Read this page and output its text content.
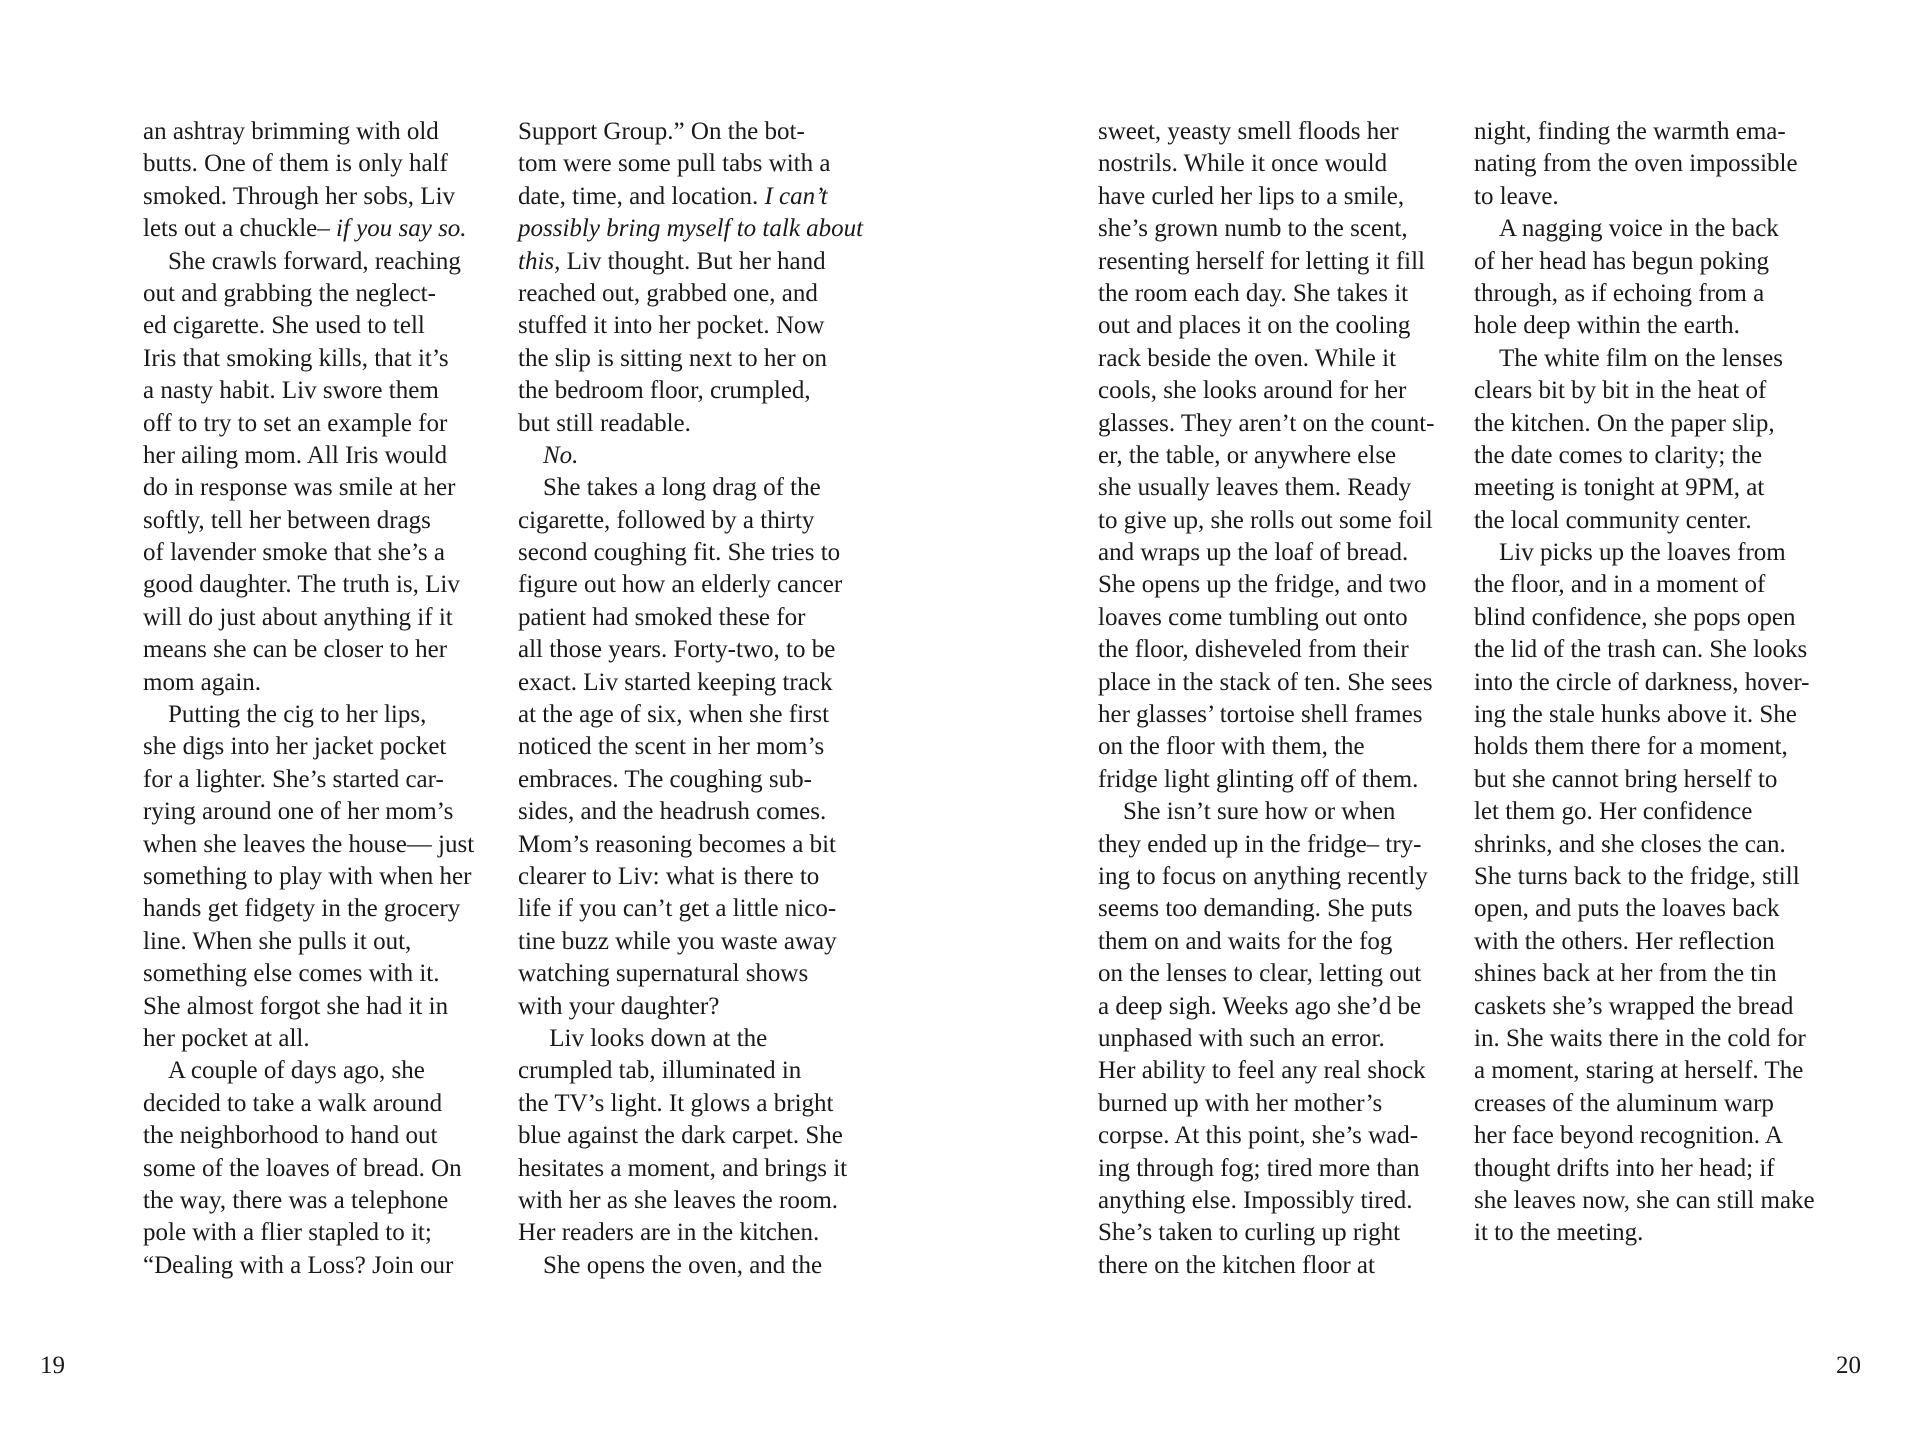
an ashtray brimming with old
butts. One of them is only half
smoked. Through her sobs, Liv
lets out a chuckle– if you say so.
She crawls forward, reaching
out and grabbing the neglect-
ed cigarette. She used to tell
Iris that smoking kills, that it’s
a nasty habit. Liv swore them
off to try to set an example for
her ailing mom. All Iris would
do in response was smile at her
softly, tell her between drags
of lavender smoke that she’s a
good daughter. The truth is, Liv
will do just about anything if it
means she can be closer to her
mom again.
Putting the cig to her lips,
she digs into her jacket pocket
for a lighter. She’s started car-
rying around one of her mom’s
when she leaves the house— just
something to play with when her
hands get fidgety in the grocery
line. When she pulls it out,
something else comes with it.
She almost forgot she had it in
her pocket at all.
A couple of days ago, she
decided to take a walk around
the neighborhood to hand out
some of the loaves of bread. On
the way, there was a telephone
pole with a flier stapled to it;
“Dealing with a Loss? Join our
Support Group.” On the bot-
tom were some pull tabs with a
date, time, and location. I can’t
possibly bring myself to talk about
this, Liv thought. But her hand
reached out, grabbed one, and
stuffed it into her pocket. Now
the slip is sitting next to her on
the bedroom floor, crumpled,
but still readable.
No.
She takes a long drag of the
cigarette, followed by a thirty
second coughing fit. She tries to
figure out how an elderly cancer
patient had smoked these for
all those years. Forty-two, to be
exact. Liv started keeping track
at the age of six, when she first
noticed the scent in her mom’s
embraces. The coughing sub-
sides, and the headrush comes.
Mom’s reasoning becomes a bit
clearer to Liv: what is there to
life if you can’t get a little nico-
tine buzz while you waste away
watching supernatural shows
with your daughter?
Liv looks down at the
crumpled tab, illuminated in
the TV’s light. It glows a bright
blue against the dark carpet. She
hesitates a moment, and brings it
with her as she leaves the room.
Her readers are in the kitchen.
She opens the oven, and the
sweet, yeasty smell floods her
nostrils. While it once would
have curled her lips to a smile,
she’s grown numb to the scent,
resenting herself for letting it fill
the room each day. She takes it
out and places it on the cooling
rack beside the oven. While it
cools, she looks around for her
glasses. They aren’t on the count-
er, the table, or anywhere else
she usually leaves them. Ready
to give up, she rolls out some foil
and wraps up the loaf of bread.
She opens up the fridge, and two
loaves come tumbling out onto
the floor, disheveled from their
place in the stack of ten. She sees
her glasses’ tortoise shell frames
on the floor with them, the
fridge light glinting off of them.
She isn’t sure how or when
they ended up in the fridge– try-
ing to focus on anything recently
seems too demanding. She puts
them on and waits for the fog
on the lenses to clear, letting out
a deep sigh. Weeks ago she’d be
unphased with such an error.
Her ability to feel any real shock
burned up with her mother’s
corpse. At this point, she’s wad-
ing through fog; tired more than
anything else. Impossibly tired.
She’s taken to curling up right
there on the kitchen floor at
night, finding the warmth ema-
nating from the oven impossible
to leave.
A nagging voice in the back
of her head has begun poking
through, as if echoing from a
hole deep within the earth.
The white film on the lenses
clears bit by bit in the heat of
the kitchen. On the paper slip,
the date comes to clarity; the
meeting is tonight at 9PM, at
the local community center.
Liv picks up the loaves from
the floor, and in a moment of
blind confidence, she pops open
the lid of the trash can. She looks
into the circle of darkness, hover-
ing the stale hunks above it. She
holds them there for a moment,
but she cannot bring herself to
let them go. Her confidence
shrinks, and she closes the can.
She turns back to the fridge, still
open, and puts the loaves back
with the others. Her reflection
shines back at her from the tin
caskets she’s wrapped the bread
in. She waits there in the cold for
a moment, staring at herself. The
creases of the aluminum warp
her face beyond recognition. A
thought drifts into her head; if
she leaves now, she can still make
it to the meeting.
19	20
